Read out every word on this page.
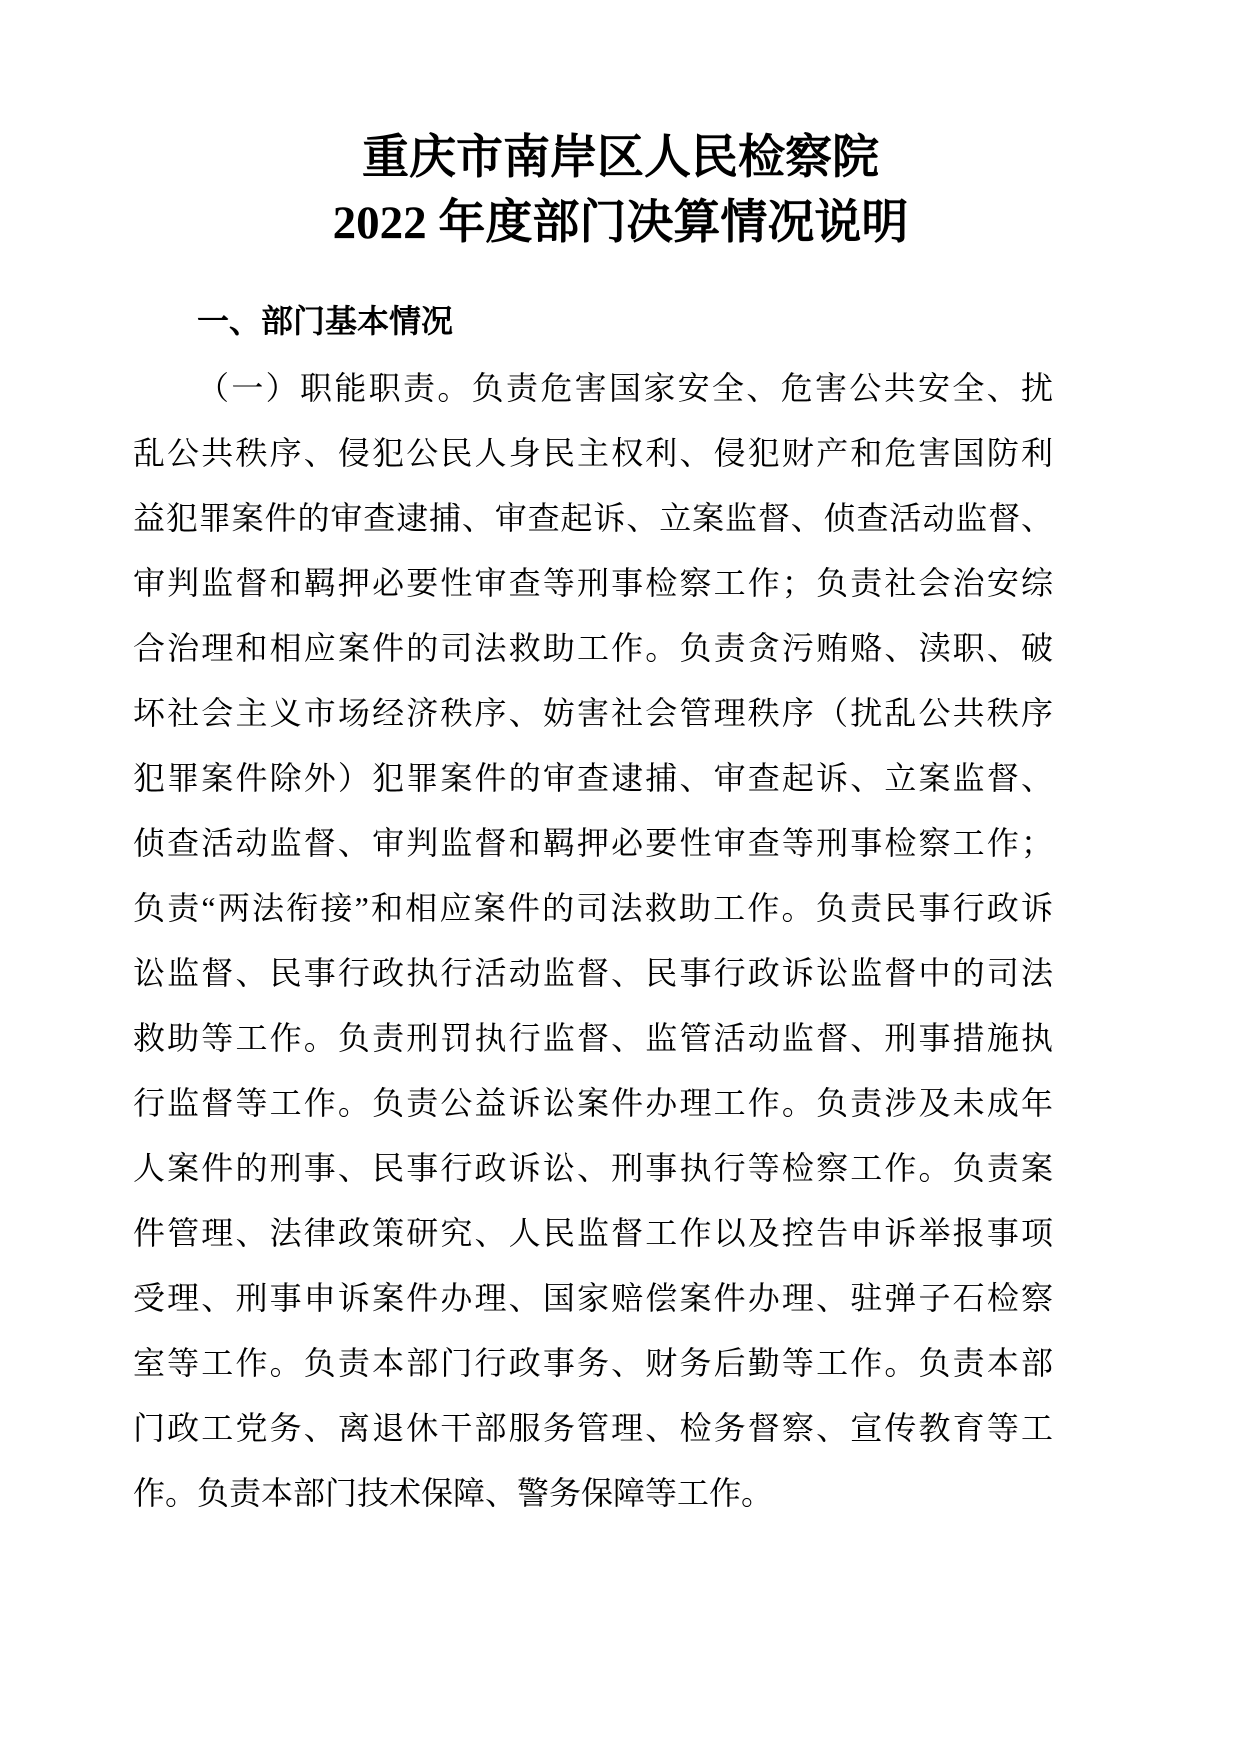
重庆市南岸区人民检察院
2022 年度部门决算情况说明
一、部门基本情况
（一）职能职责。负责危害国家安全、危害公共安全、扰
乱公共秩序、侵犯公民人身民主权利、侵犯财产和危害国防利
益犯罪案件的审查逮捕、审查起诉、立案监督、侦查活动监督、
审判监督和羁押必要性审查等刑事检察工作；负责社会治安综
合治理和相应案件的司法救助工作。负责贪污贿赂、渎职、破
坏社会主义市场经济秩序、妨害社会管理秩序（扰乱公共秩序
犯罪案件除外）犯罪案件的审查逮捕、审查起诉、立案监督、
侦查活动监督、审判监督和羁押必要性审查等刑事检察工作；
负责“两法衔接”和相应案件的司法救助工作。负责民事行政诉
讼监督、民事行政执行活动监督、民事行政诉讼监督中的司法
救助等工作。负责刑罚执行监督、监管活动监督、刑事措施执
行监督等工作。负责公益诉讼案件办理工作。负责涉及未成年
人案件的刑事、民事行政诉讼、刑事执行等检察工作。负责案
件管理、法律政策研究、人民监督工作以及控告申诉举报事项
受理、刑事申诉案件办理、国家赔偿案件办理、驻弹子石检察
室等工作。负责本部门行政事务、财务后勤等工作。负责本部
门政工党务、离退休干部服务管理、检务督察、宣传教育等工
作。负责本部门技术保障、警务保障等工作。
